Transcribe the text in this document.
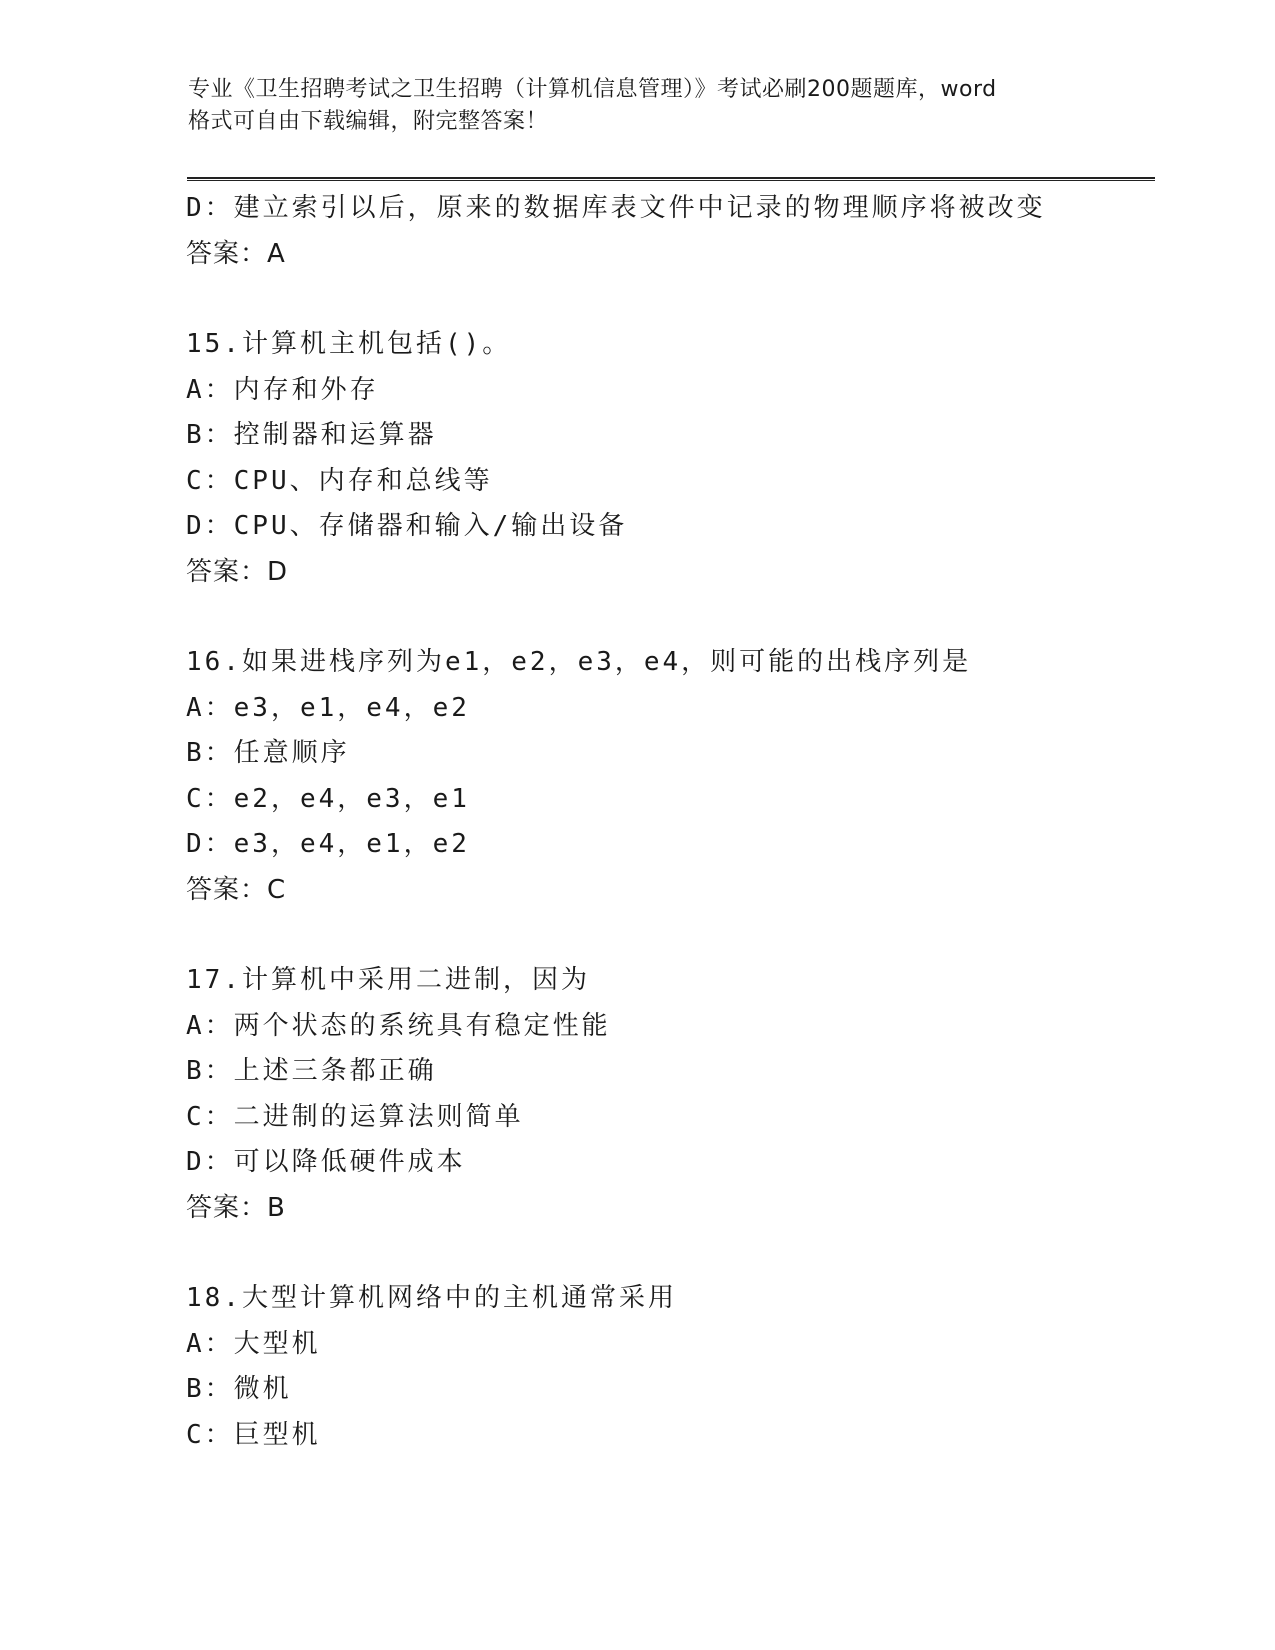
专业《卫生招聘考试之卫生招聘（计算机信息管理）》考试必刷200题题库，word
格式可自由下载编辑，附完整答案！
D：建立索引以后，原来的数据库表文件中记录的物理顺序将被改变
答案：A
15.计算机主机包括()。
A：内存和外存
B：控制器和运算器
C：CPU、内存和总线等
D：CPU、存储器和输入/输出设备
答案：D
16.如果进栈序列为e1，e2，e3，e4，则可能的出栈序列是
A：e3，e1，e4，e2
B：任意顺序
C：e2，e4，e3，e1
D：e3，e4，e1，e2
答案：C
17.计算机中采用二进制，因为
A：两个状态的系统具有稳定性能
B：上述三条都正确
C：二进制的运算法则简单
D：可以降低硬件成本
答案：B
18.大型计算机网络中的主机通常采用
A：大型机
B：微机
C：巨型机
